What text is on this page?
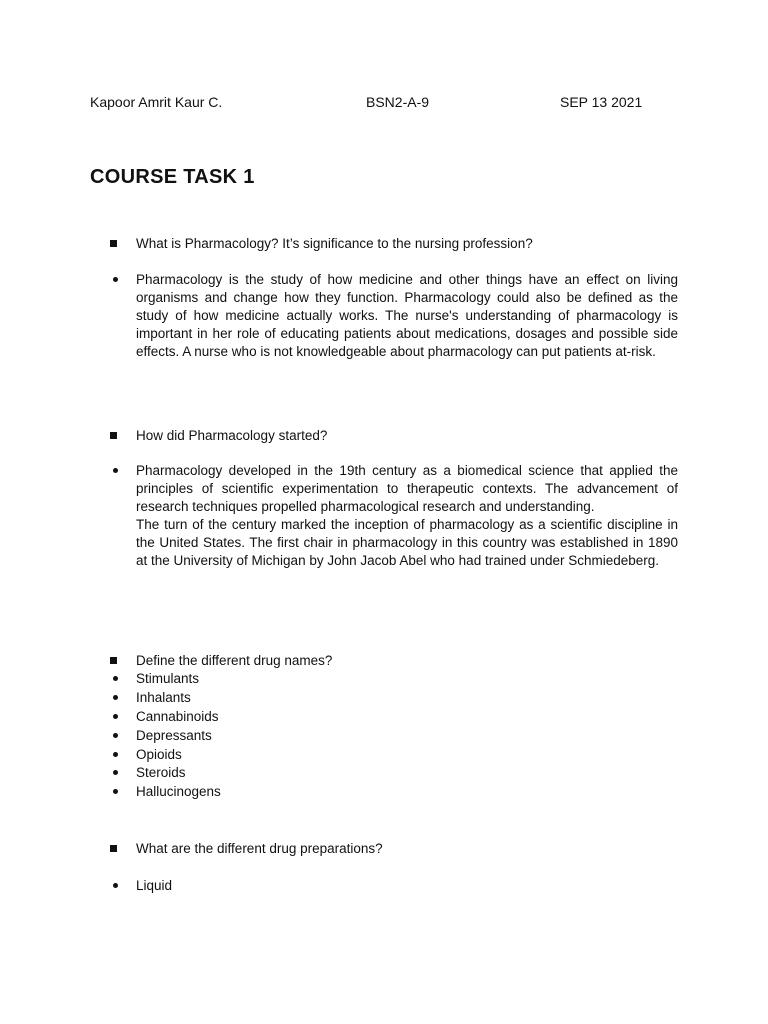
Kapoor Amrit Kaur C.	BSN2-A-9	SEP 13 2021
COURSE TASK 1
What is Pharmacology? It’s significance to the nursing profession?
Pharmacology is the study of how medicine and other things have an effect on living organisms and change how they function. Pharmacology could also be defined as the study of how medicine actually works. The nurse's understanding of pharmacology is important in her role of educating patients about medications, dosages and possible side effects. A nurse who is not knowledgeable about pharmacology can put patients at-risk.
How did Pharmacology started?

Pharmacology developed in the 19th century as a biomedical science that applied the principles of scientific experimentation to therapeutic contexts. The advancement of research techniques propelled pharmacological research and understanding.

The turn of the century marked the inception of pharmacology as a scientific discipline in the United States. The first chair in pharmacology in this country was established in 1890 at the University of Michigan by John Jacob Abel who had trained under Schmiedeberg.

Define the different drug names?
Stimulants
Inhalants
Cannabinoids
Depressants
Opioids
Steroids
Hallucinogens
What are the different drug preparations?
Liquid
